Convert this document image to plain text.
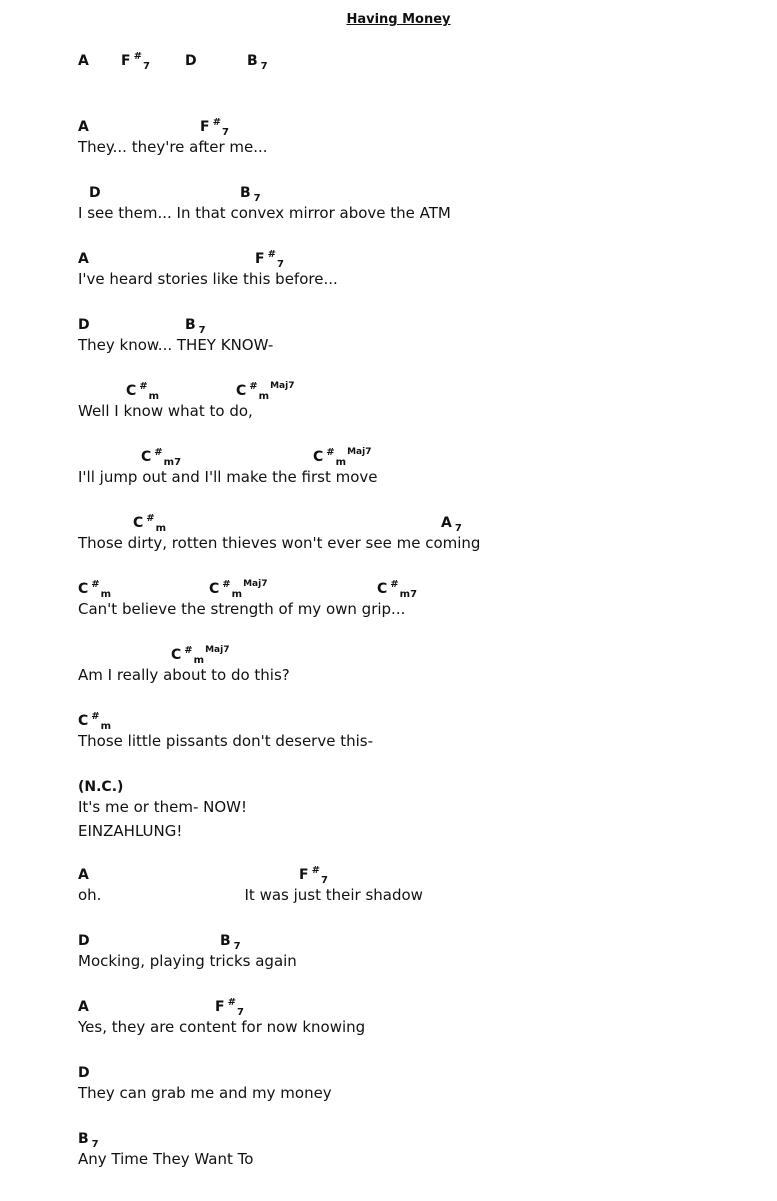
Having Money
A F #$_7$	D	B $_7$
A	F #$_7$
They... they're after me...
D	B $_7$
I see them... In that convex mirror above the ATM
A	F #$_7$
I've heard stories like this before...
D	B $_7$
They know... THEY KNOW-
C #$_m$	C #$_m^{Maj7}$
Well I know what to do,
C #$_{m7}$	C #$_m^{Maj7}$
I'll jump out and I'll make the first move
C #$_m$	A $_7$
Those dirty, rotten thieves won't ever see me coming
C #$_m$	C #$_m^{Maj7}$	C #$_{m7}$
Can't believe the strength of my own grip...
C #$_m^{Maj7}$
Am I really about to do this?
C #$_m$
Those little pissants don't deserve this-
(N.C.)
It's me or them- NOW!
EINZAHLUNG!
A	F #$_7$
oh.                              It was just their shadow
D	B $_7$
Mocking, playing tricks again
A	F #$_7$
Yes, they are content for now knowing
D
They can grab me and my money
B $_7$
Any Time They Want To
